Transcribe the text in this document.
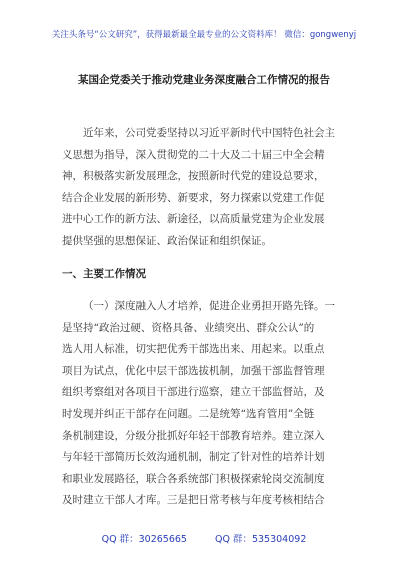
关注头条号“公文研究”，获得最新最全最专业的公文资料库！ 微信：gongwenyj
某国企党委关于推动党建业务深度融合工作情况的报告
近年来，公司党委坚持以习近平新时代中国特色社会主
义思想为指导，深入贯彻党的二十大及二十届三中全会精
神，积极落实新发展理念，按照新时代党的建设总要求，
结合企业发展的新形势、新要求，努力探索以党建工作促
进中心工作的新方法、新途径，以高质量党建为企业发展
提供坚强的思想保证、政治保证和组织保证。
一、主要工作情况
（一）深度融入人才培养，促进企业勇担开路先锋。一
是坚持“政治过硬、资格具备、业绩突出、群众公认”的
选人用人标准，切实把优秀干部选出来、用起来。以重点
项目为试点，优化中层干部选拔机制，加强干部监督管理
组织考察组对各项目干部进行巡察，建立干部监督站，及
时发现并纠正干部存在问题。二是统筹“选育管用”全链
条机制建设，分级分批抓好年轻干部教育培养。建立深入
与年轻干部简历长效沟通机制，制定了针对性的培养计划
和职业发展路径，联合各系统部门积极探索轮岗交流制度
及时建立干部人才库。三是把日常考核与年度考核相结合
QQ 群：30265665	QQ 群：535304092
